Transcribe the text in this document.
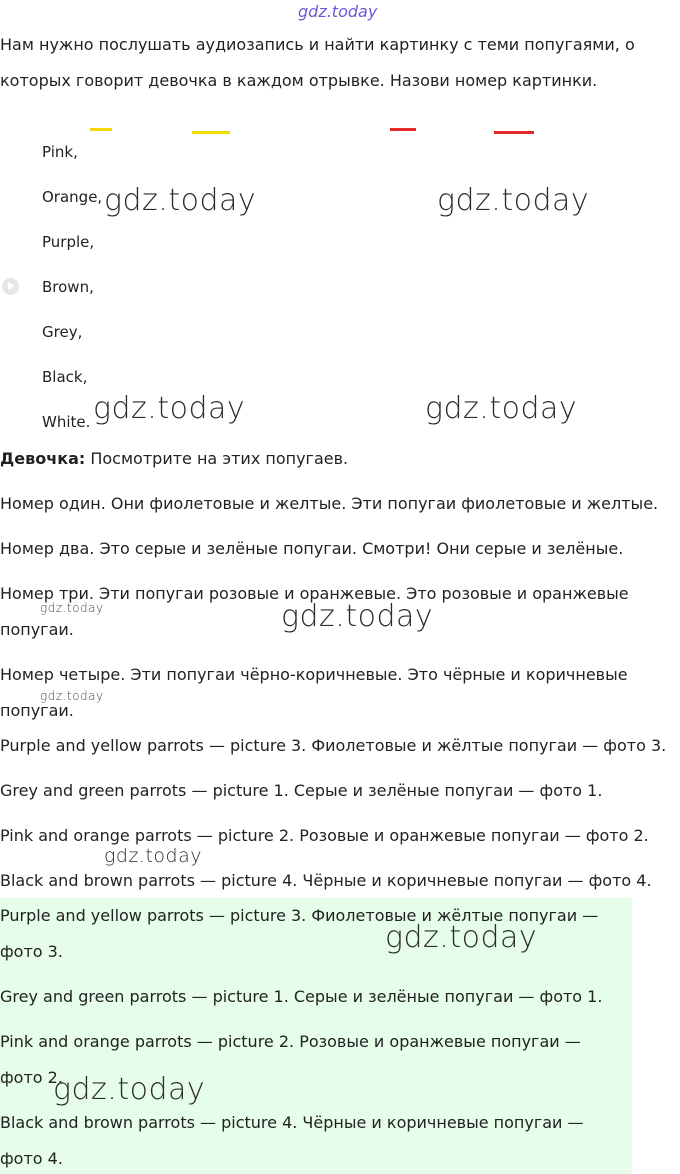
gdz.today
Нам нужно послушать аудиозапись и найти картинку с теми попугаями, о
которых говорит девочка в каждом отрывке. Назови номер картинки.
Pink,
Orange,
Purple,
Brown,
Grey,
Black,
White.
Девочка: Посмотрите на этих попугаев.
Номер один. Они фиолетовые и желтые. Эти попугаи фиолетовые и желтые.
Номер два. Это серые и зелёные попугаи. Смотри! Они серые и зелёные.
Номер три. Эти попугаи розовые и оранжевые. Это розовые и оранжевые
попугаи.
Номер четыре. Эти попугаи чёрно-коричневые. Это чёрные и коричневые
попугаи.
Purple and yellow parrots — picture 3. Фиолетовые и жёлтые попугаи — фото 3.
Grey and green parrots — picture 1. Серые и зелёные попугаи — фото 1.
Pink and orange parrots — picture 2. Розовые и оранжевые попугаи — фото 2.
Black and brown parrots — picture 4. Чёрные и коричневые попугаи — фото 4.
Purple and yellow parrots — picture 3. Фиолетовые и жёлтые попугаи —
фото 3.
Grey and green parrots — picture 1. Серые и зелёные попугаи — фото 1.
Pink and orange parrots — picture 2. Розовые и оранжевые попугаи —
фото 2.
Black and brown parrots — picture 4. Чёрные и коричневые попугаи —
фото 4.
gdz.today	gdz.today
gdz.today	gdz.today
gdz.today	gdz.today
gdz.today
gdz.today
gdz.today
gdz.today
